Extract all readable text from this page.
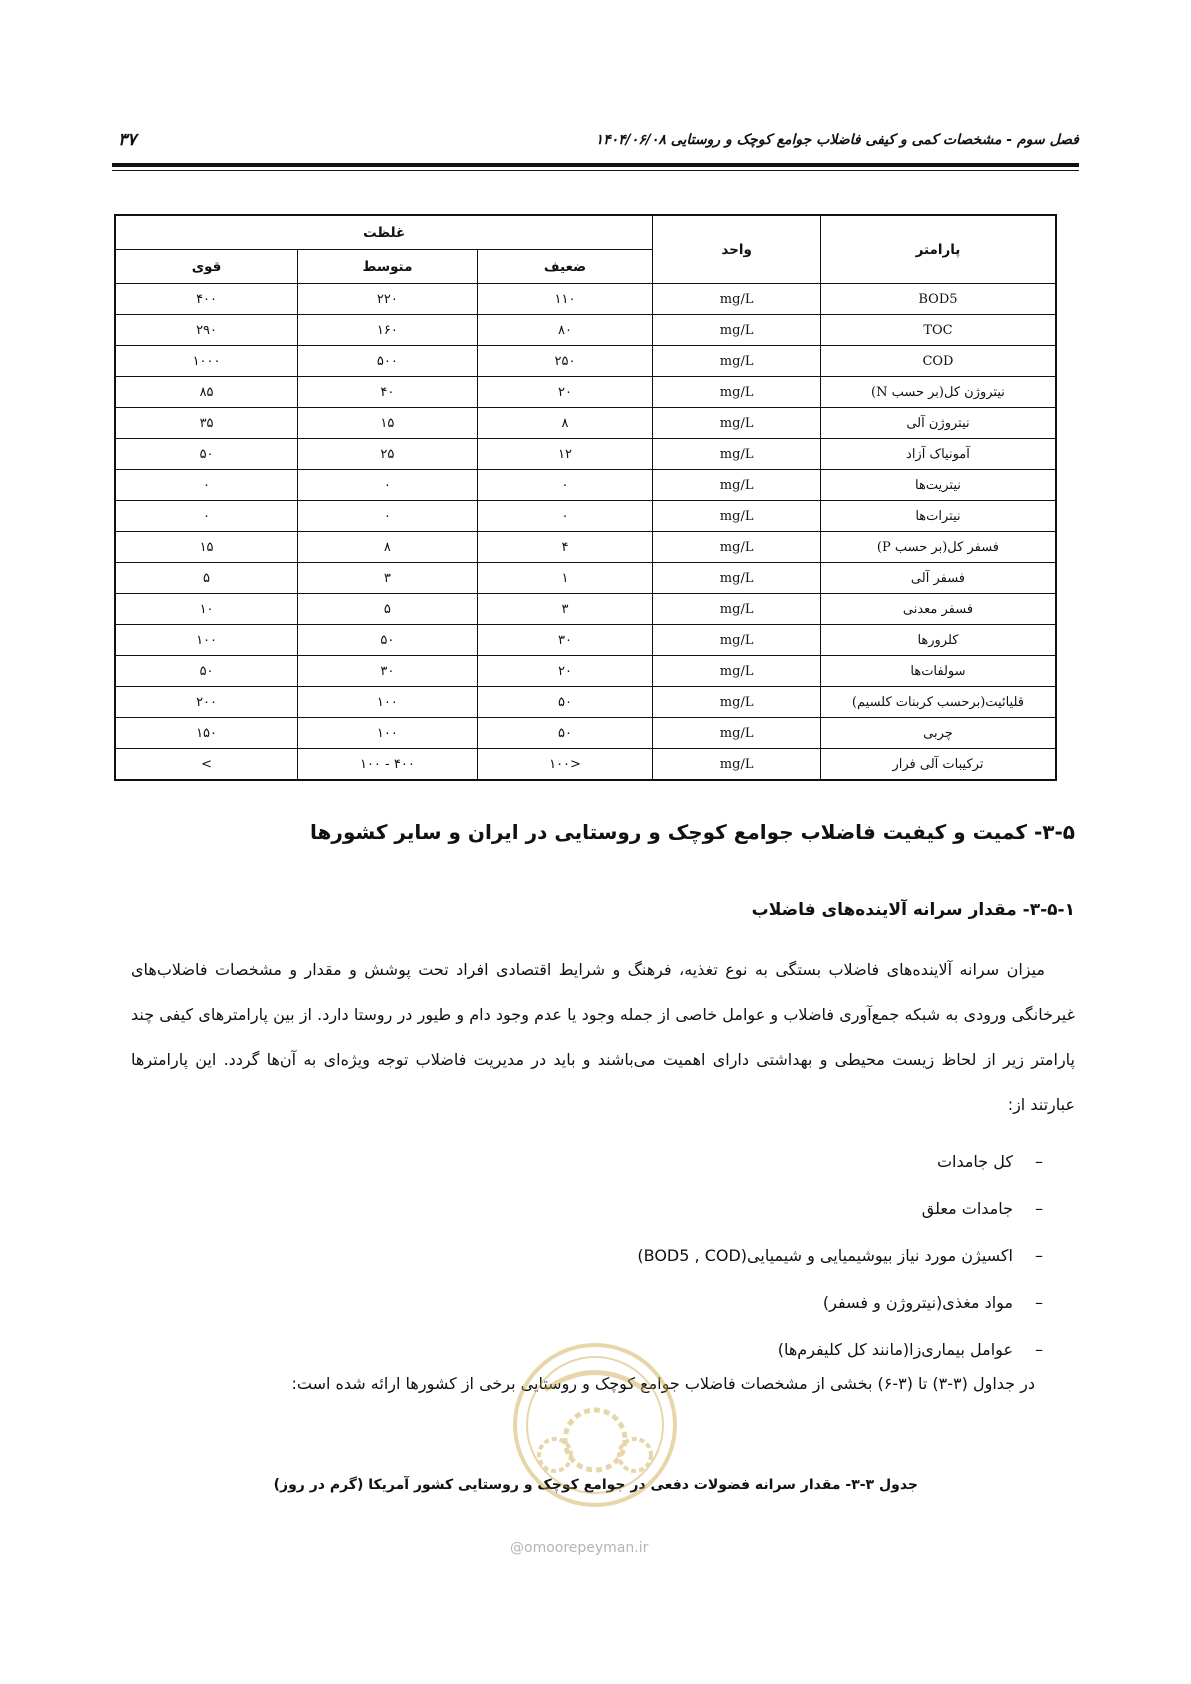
فصل سوم - مشخصات کمی و کیفی فاضلاب جوامع کوچک و روستایی ۱۴۰۴/۰۶/۰۸
۳۷
پارامتر	واحد	غلظت		
		ضعیف	متوسط	قوی
BOD5	mg/L	۱۱۰	۲۲۰	۴۰۰
TOC	mg/L	۸۰	۱۶۰	۲۹۰
COD	mg/L	۲۵۰	۵۰۰	۱۰۰۰
نیتروژن کل(بر حسب N)	mg/L	۲۰	۴۰	۸۵
نیتروژن آلی	mg/L	۸	۱۵	۳۵
آمونیاک آزاد	mg/L	۱۲	۲۵	۵۰
نیتریت‌ها	mg/L	۰	۰	۰
نیترات‌ها	mg/L	۰	۰	۰
فسفر کل(بر حسب P)	mg/L	۴	۸	۱۵
فسفر آلی	mg/L	۱	۳	۵
فسفر معدنی	mg/L	۳	۵	۱۰
کلرورها	mg/L	۳۰	۵۰	۱۰۰
سولفات‌ها	mg/L	۲۰	۳۰	۵۰
قلیائیت(برحسب کربنات کلسیم)	mg/L	۵۰	۱۰۰	۲۰۰
چربی	mg/L	۵۰	۱۰۰	۱۵۰
ترکیبات آلی فرار	mg/L	<۱۰۰	۴۰۰ - ۱۰۰	>
۳-۵- کمیت و کیفیت فاضلاب جوامع کوچک و روستایی در ایران و سایر کشورها
۳-۵-۱- مقدار سرانه آلاینده‌های فاضلاب

میزان سرانه آلاینده‌های فاضلاب بستگی به نوع تغذیه، فرهنگ و شرایط اقتصادی افراد تحت پوشش و مقدار و مشخصات فاضلاب‌های غیرخانگی ورودی به شبکه جمع‌آوری فاضلاب و عوامل خاصی از جمله وجود یا عدم وجود دام و طیور در روستا دارد. از بین پارامترهای کیفی چند پارامتر زیر از لحاظ زیست محیطی و بهداشتی دارای اهمیت می‌باشند و باید در مدیریت فاضلاب توجه ویژه‌ای به آن‌ها گردد. این پارامترها عبارتند از:

–کل جامدات
–جامدات معلق
–اکسیژن مورد نیاز بیوشیمیایی و شیمیایی(BOD5 , COD)
–مواد مغذی(نیتروژن و فسفر)
–عوامل بیماری‌زا(مانند کل کلیفرم‌ها)
در جداول (۳-۳) تا (۳-۶) بخشی از مشخصات فاضلاب جوامع کوچک و روستایی برخی از کشورها ارائه شده است:
جدول ۳-۳- مقدار سرانه فضولات دفعی در جوامع کوچک و روستایی کشور آمریکا (گرم در روز)
@omoorepeyman.ir
